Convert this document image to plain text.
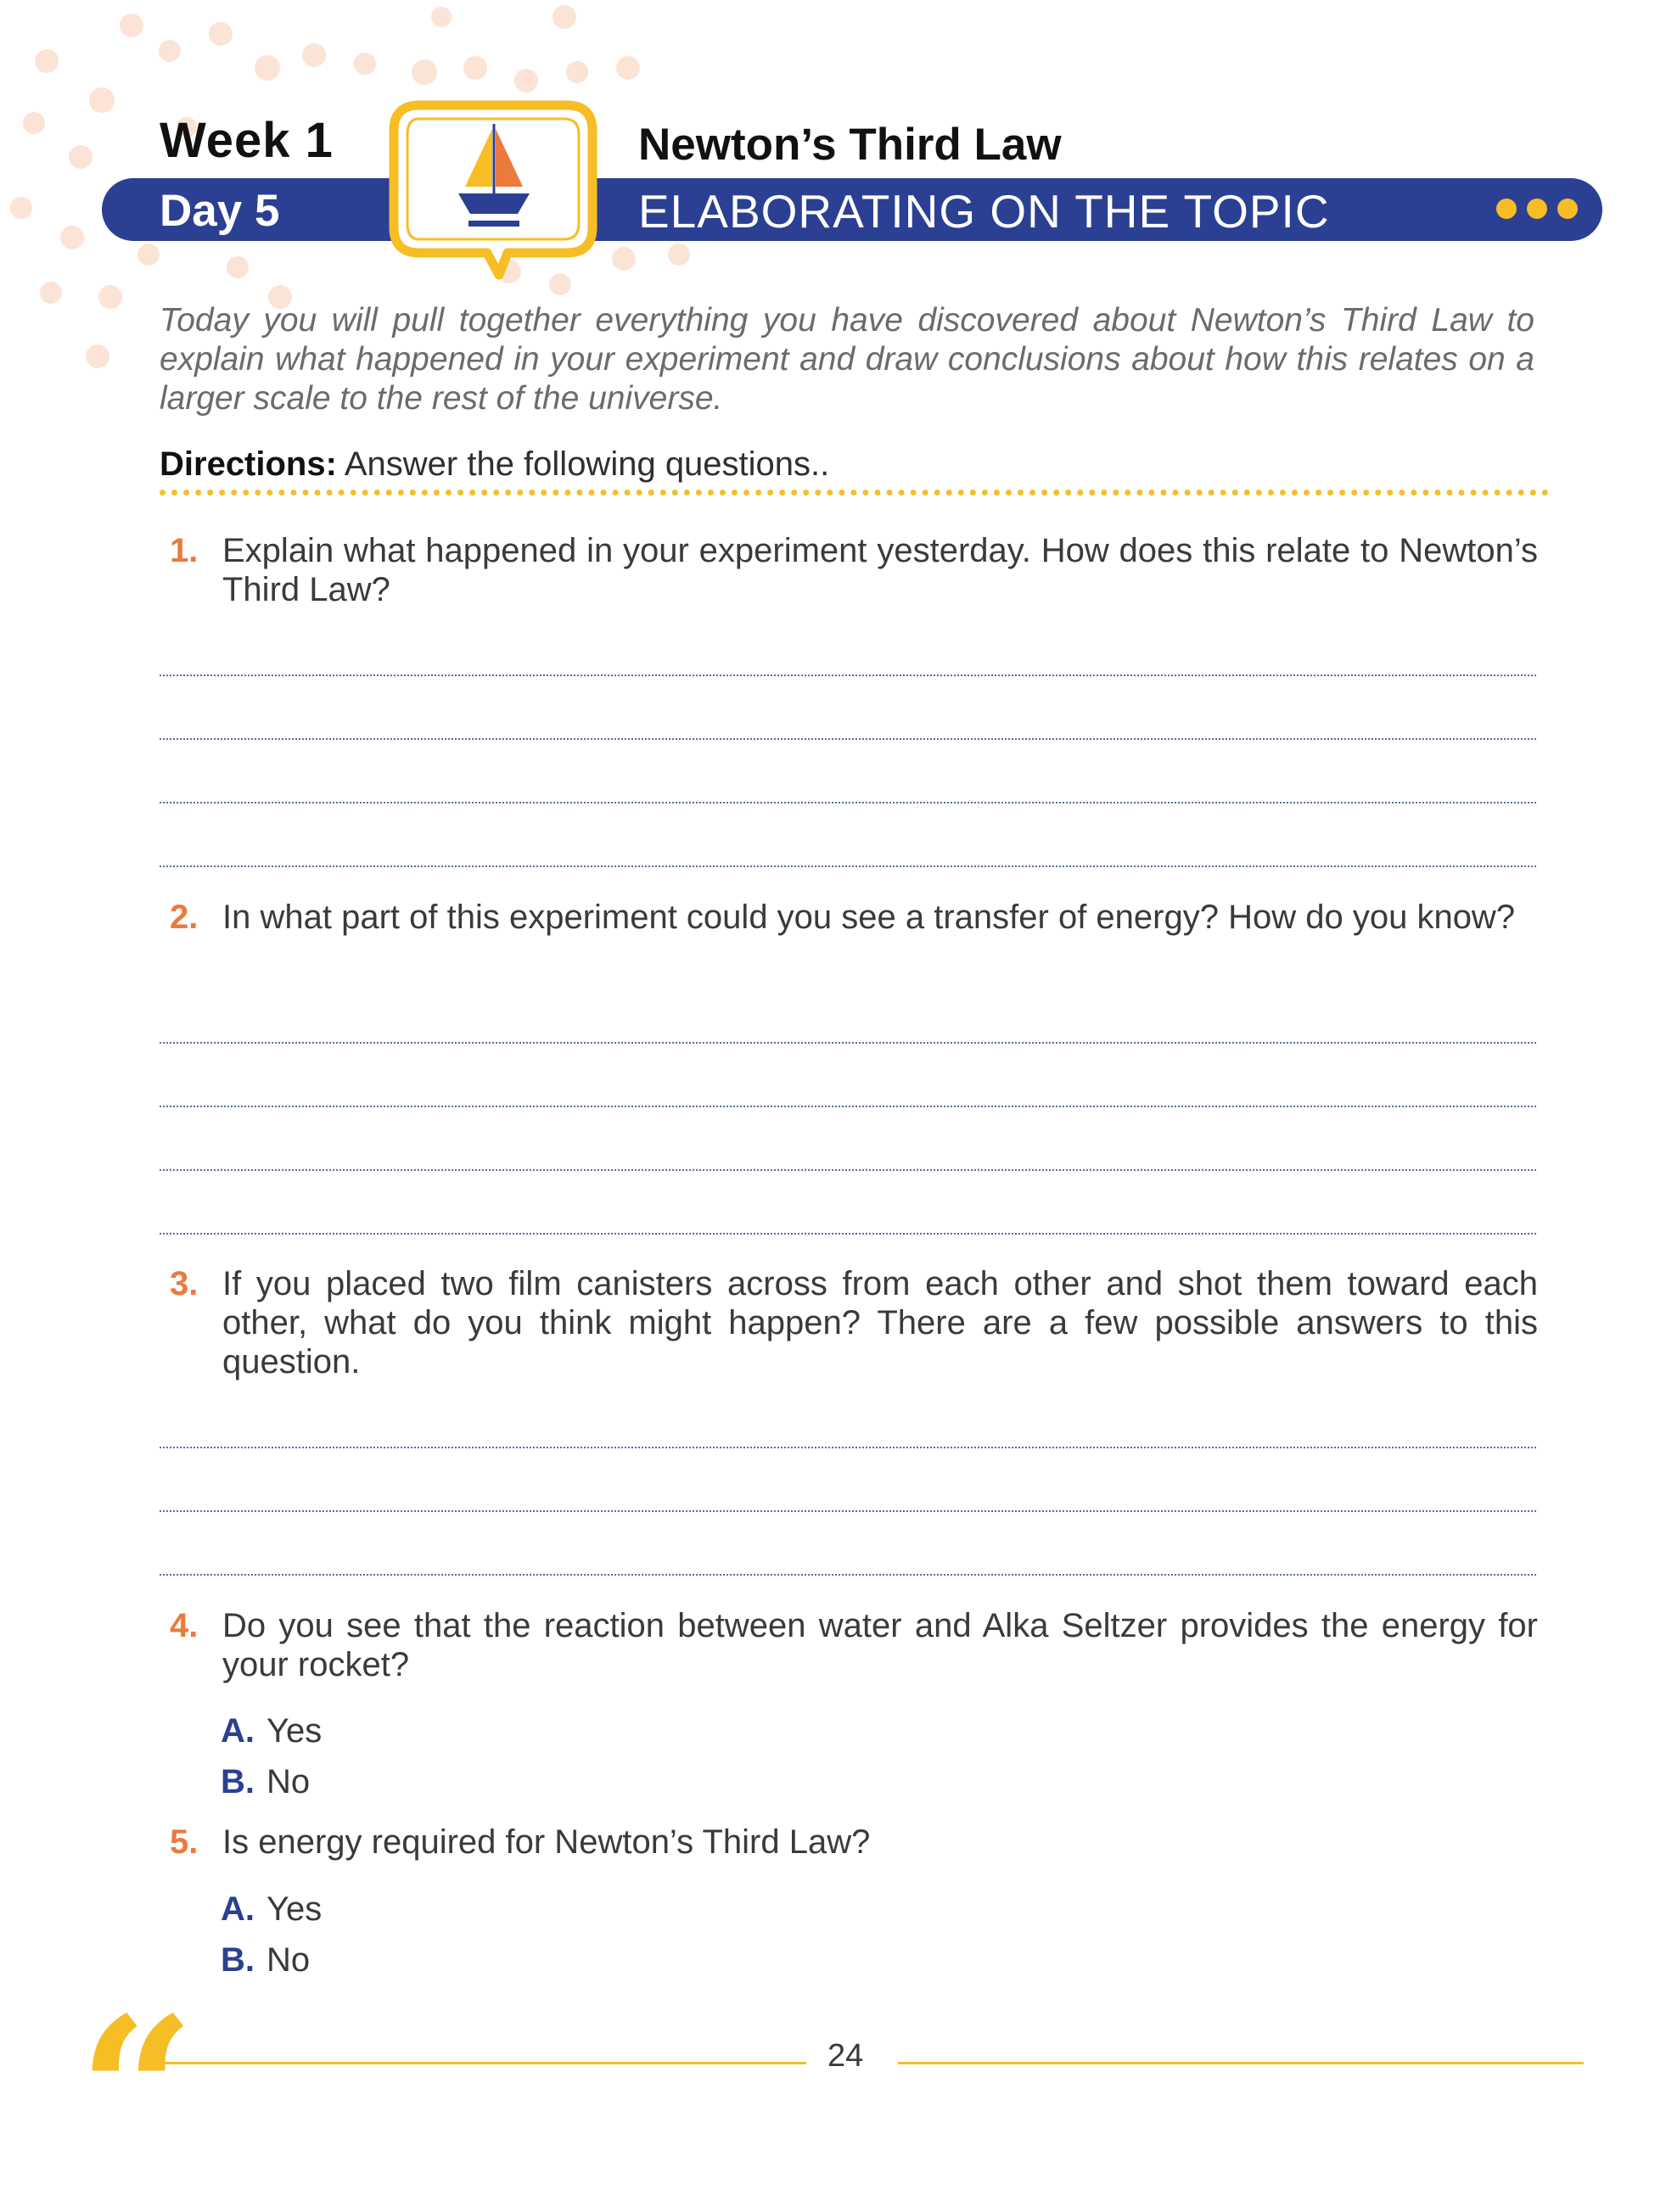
Week 1
Day 5
Newton’s Third Law
ELABORATING ON THE TOPIC
Today you will pull together everything you have discovered about Newton’s Third Law to explain what happened in your experiment and draw conclusions about how this relates on a larger scale to the rest of the universe.
Directions: Answer the following questions..
1. Explain what happened in your experiment yesterday. How does this relate to Newton’s Third Law?
2. In what part of this experiment could you see a transfer of energy? How do you know?
3. If you placed two film canisters across from each other and shot them toward each other, what do you think might happen? There are a few possible answers to this question.
4. Do you see that the reaction between water and Alka Seltzer provides the energy for your rocket?
A. Yes
B. No
5. Is energy required for Newton’s Third Law?
A. Yes
B. No
“	24
